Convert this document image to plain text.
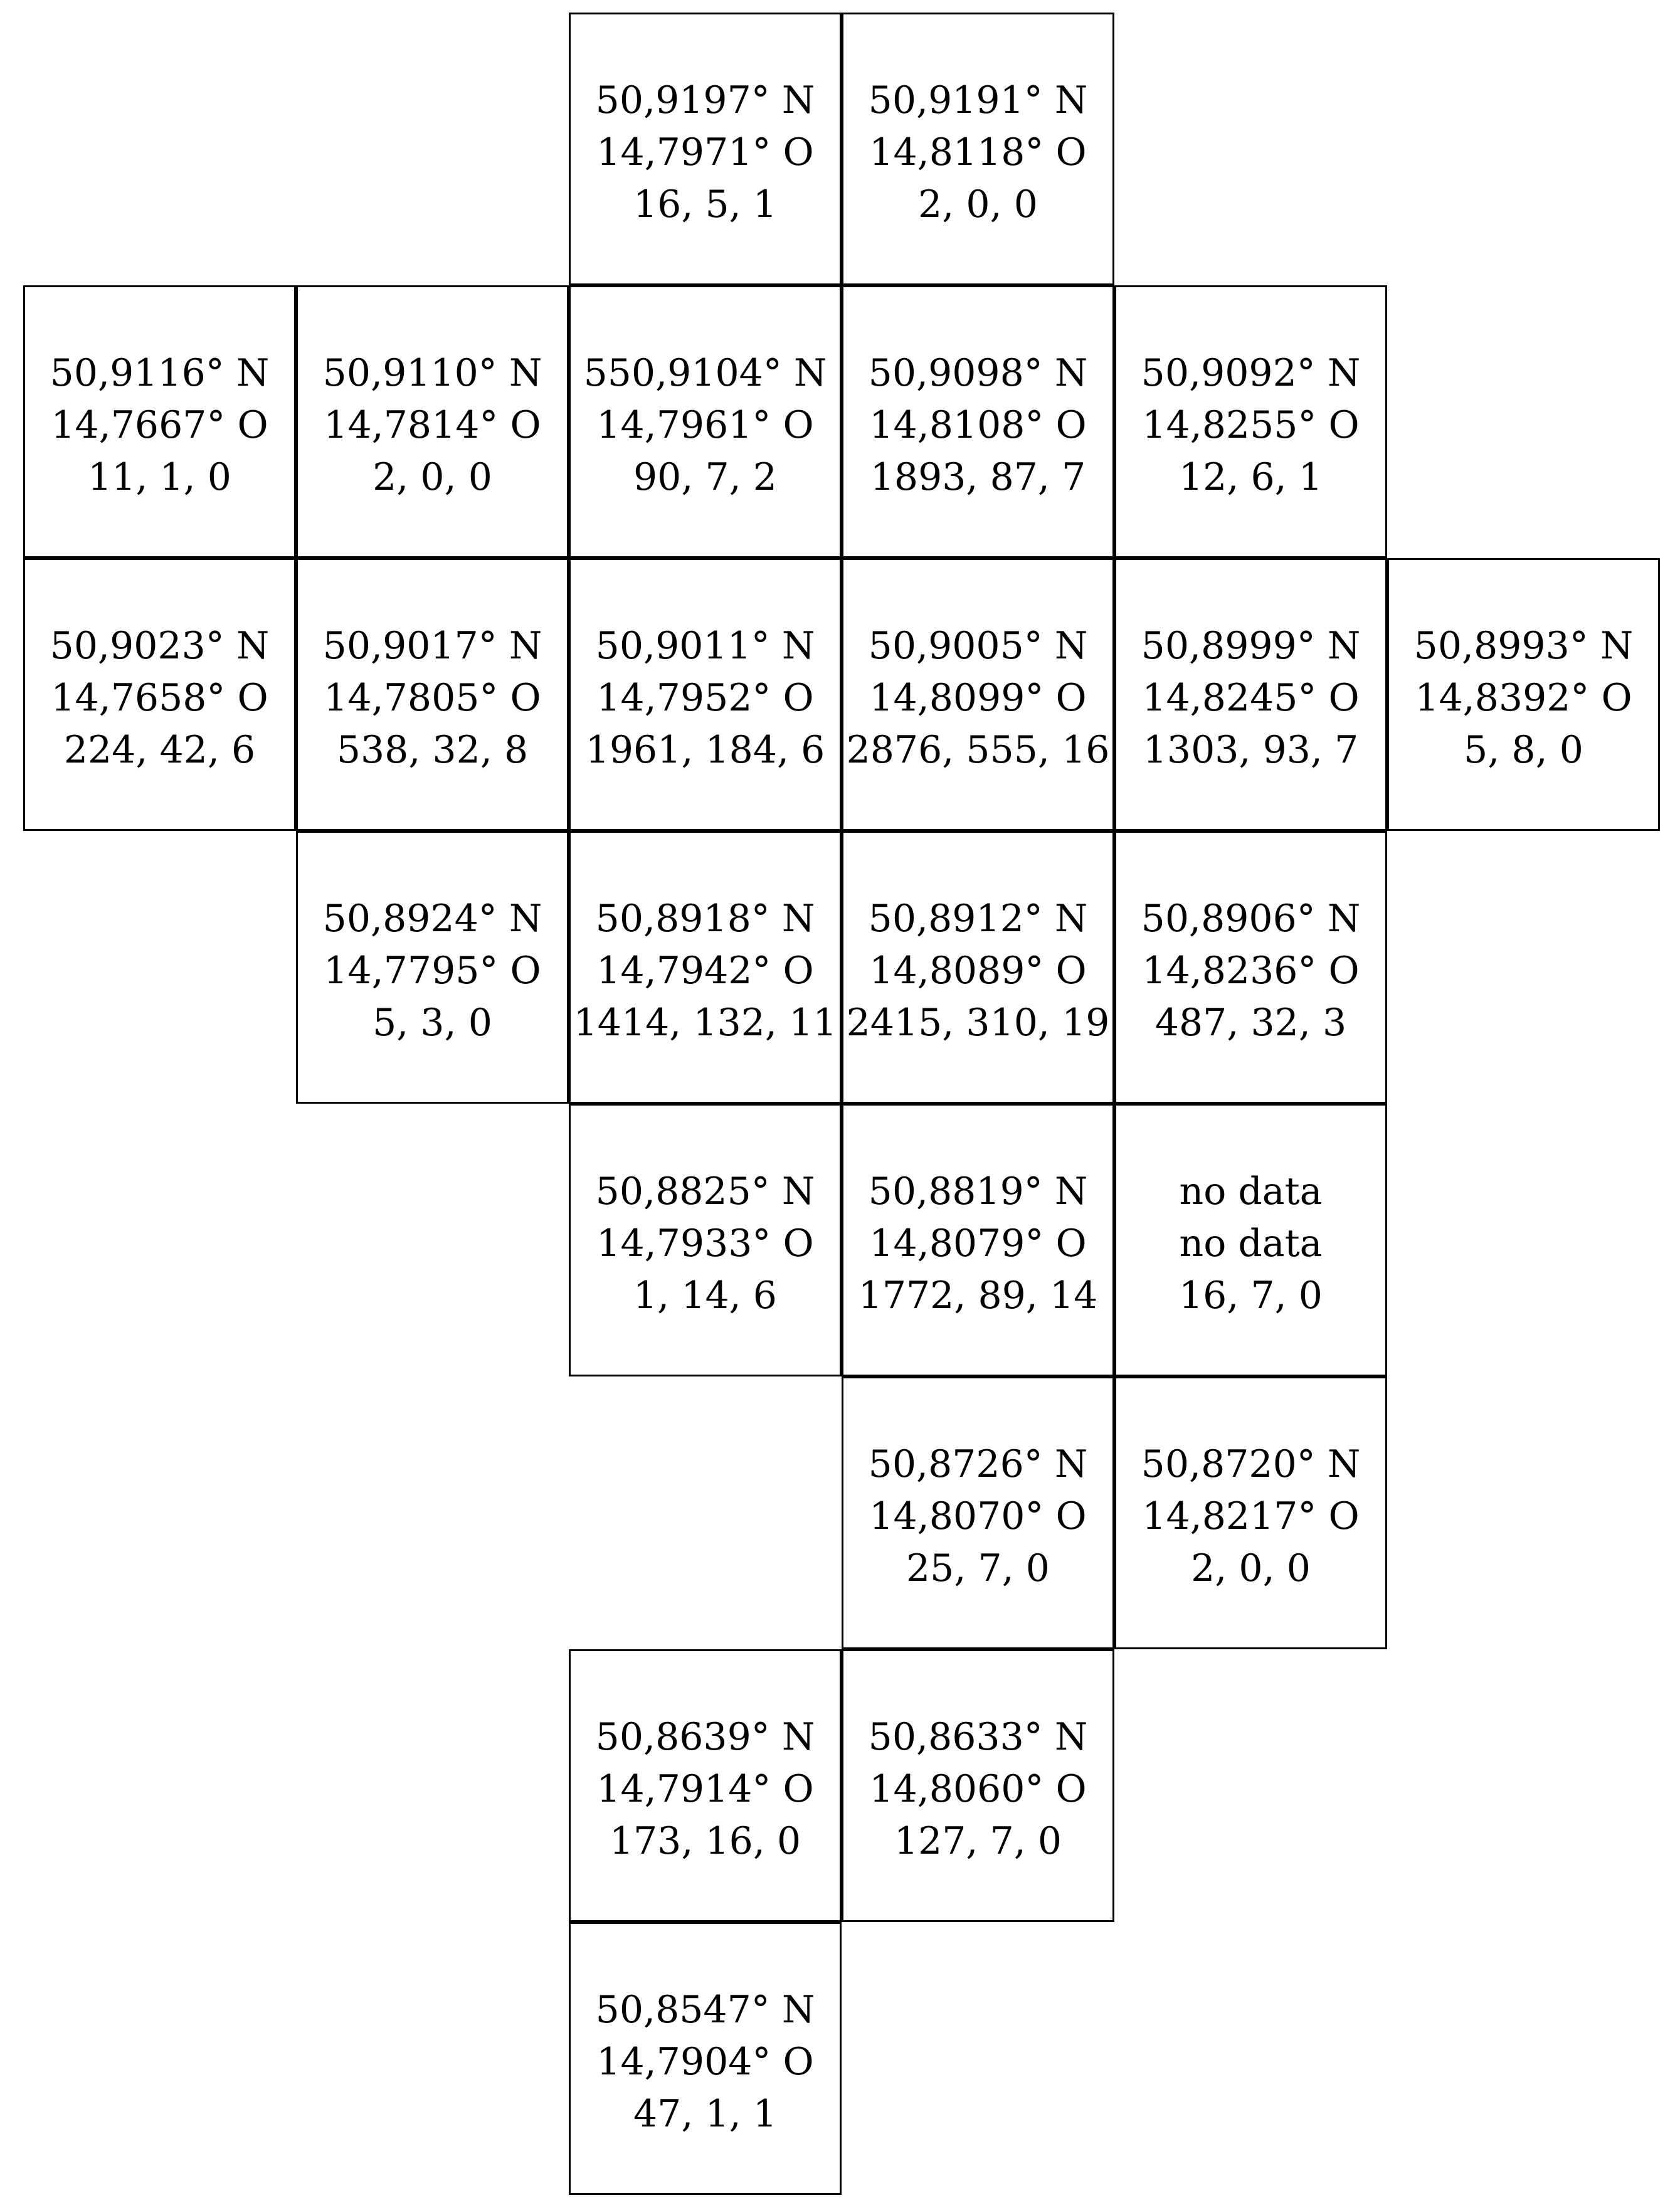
50,9197° N
14,7971° O
16, 5, 1
50,9191° N
14,8118° O
2, 0, 0
50,9116° N
14,7667° O
11, 1, 0
50,9110° N
14,7814° O
2, 0, 0
550,9104° N
14,7961° O
90, 7, 2
50,9098° N
14,8108° O
1893, 87, 7
50,9092° N
14,8255° O
12, 6, 1
50,9023° N
14,7658° O
224, 42, 6
50,9017° N
14,7805° O
538, 32, 8
50,9011° N
14,7952° O
1961, 184, 6
50,9005° N
14,8099° O
2876, 555, 16
50,8999° N
14,8245° O
1303, 93, 7
50,8993° N
14,8392° O
5, 8, 0
50,8924° N
14,7795° O
5, 3, 0
50,8918° N
14,7942° O
1414, 132, 11
50,8912° N
14,8089° O
2415, 310, 19
50,8906° N
14,8236° O
487, 32, 3
50,8825° N
14,7933° O
1, 14, 6
50,8819° N
14,8079° O
1772, 89, 14
no data
no data
16, 7, 0
50,8726° N
14,8070° O
25, 7, 0
50,8720° N
14,8217° O
2, 0, 0
50,8639° N
14,7914° O
173, 16, 0
50,8633° N
14,8060° O
127, 7, 0
50,8547° N
14,7904° O
47, 1, 1
